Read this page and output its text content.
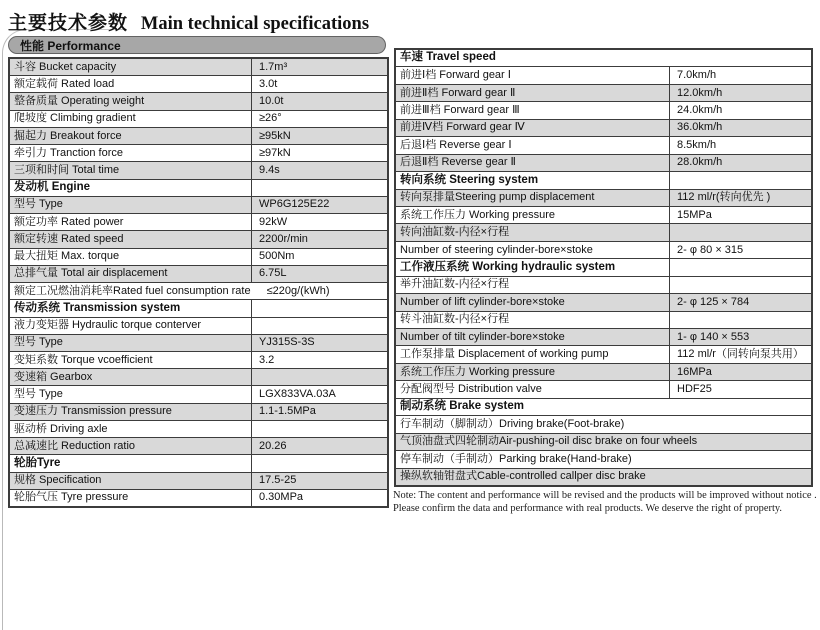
主要技术参数 Main technical specifications
性能 Performance
斗容 Bucket capacity	1.7m³
额定载荷 Rated load	3.0t
整备质量 Operating weight	10.0t
爬坡度 Climbing gradient	≥26°
掘起力 Breakout force	≥95kN
牵引力 Tranction force	≥97kN
三项和时间 Total time	9.4s
发动机 Engine
型号 Type	WP6G125E22
额定功率 Rated power	92kW
额定转速 Rated speed	2200r/min
最大扭矩 Max. torque	500Nm
总排气量 Total air displacement	6.75L
额定工况燃油消耗率Rated fuel consumption rate ≤220g/(kWh)
传动系统 Transmission system
液力变矩器 Hydraulic torque conterver
型号 Type	YJ315S-3S
变矩系数 Torque vcoefficient	3.2
变速箱 Gearbox
型号 Type	LGX833VA.03A
变速压力 Transmission pressure	1.1-1.5MPa
驱动桥 Driving axle
总减速比 Reduction ratio	20.26
轮胎Tyre
规格 Specification	17.5-25
轮胎气压 Tyre pressure	0.30MPa
车速 Travel speed
前进Ⅰ档 Forward gear Ⅰ	7.0km/h
前进Ⅱ档 Forward gear Ⅱ	12.0km/h
前进Ⅲ档 Forward gear Ⅲ	24.0km/h
前进Ⅳ档 Forward gear Ⅳ	36.0km/h
后退Ⅰ档 Reverse gear Ⅰ	8.5km/h
后退Ⅱ档 Reverse gear Ⅱ	28.0km/h
转向系统 Steering system
转向泵排量Steering pump displacement	112 ml/r(转向优先 )
系统工作压力 Working pressure	15MPa
转向油缸数-内径×行程
Number of steering cylinder-bore×stoke	2- φ 80 × 315
工作液压系统 Working hydraulic system
举升油缸数-内径×行程
Number of lift cylinder-bore×stoke	2- φ 125 × 784
转斗油缸数-内径×行程
Number of tilt cylinder-bore×stoke	1- φ 140 × 553
工作泵排量 Displacement of working pump	112 ml/r（同转向泵共用）
系统工作压力 Working pressure	16MPa
分配阀型号 Distribution valve	HDF25
制动系统 Brake system
行车制动（脚制动）Driving brake(Foot-brake)
气顶油盘式四轮制动Air-pushing-oil disc brake on four wheels
停车制动（手制动）Parking brake(Hand-brake)
操纵软轴钳盘式Cable-controlled callper disc brake
Note: The content and performance will be revised and the products will be improved without notice .
Please confirm the data and performance with real products. We deserve the right of property.
